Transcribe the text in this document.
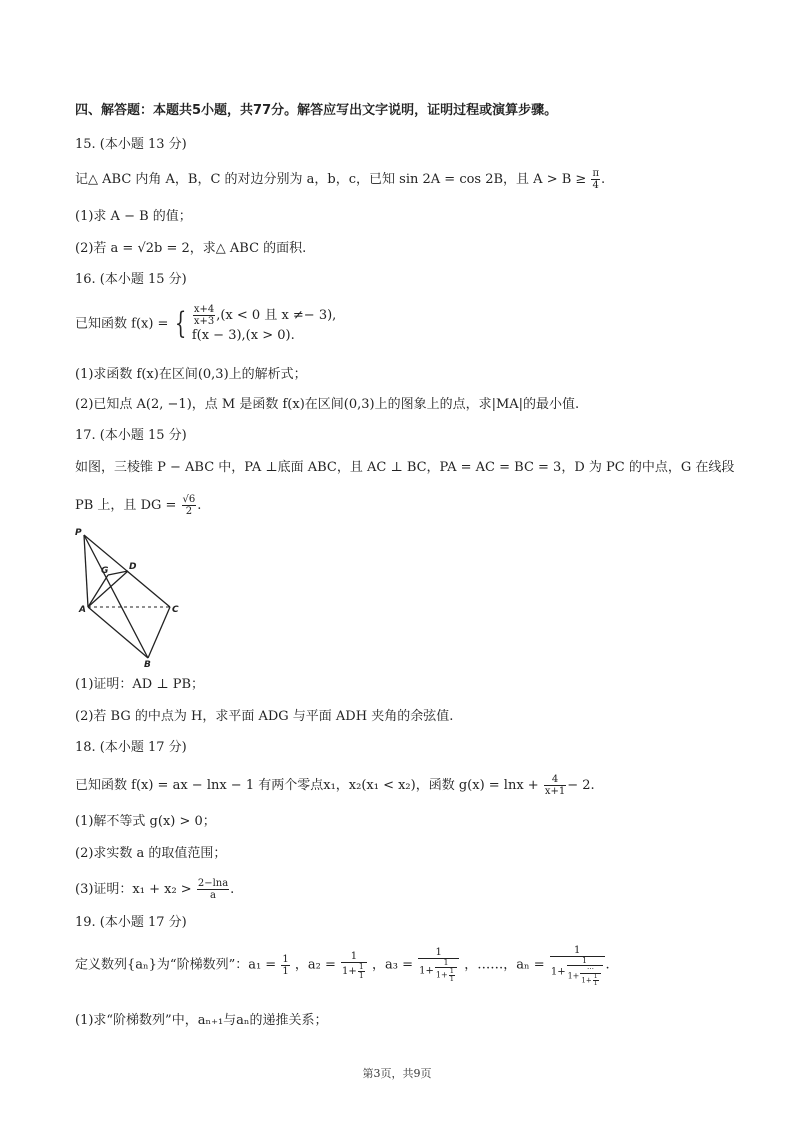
四、解答题：本题共5小题，共77分。解答应写出文字说明，证明过程或演算步骤。
15. (本小题 13 分)
记△ ABC 内角 A，B，C 的对边分别为 a，b，c，已知 sin 2A = cos 2B，且 $A > B \ge \frac{\pi}{4}$ .
(1)求 A − B 的值；
(2)若 a = √2b = 2，求△ ABC 的面积.
16. (本小题 15 分)
已知函数 f(x) = { $\frac{x+4}{x+3} ,(x < 0$ 且 x ≠− 3),
f(x − 3),(x > 0).
(1)求函数 f(x)在区间(0,3)上的解析式；
(2)已知点 A(2, −1)，点 M 是函数 f(x)在区间(0,3)上的图象上的点，求|MA|的最小值.
17. (本小题 15 分)
如图，三棱锥 P − ABC 中，PA ⊥底面 ABC，且 AC ⊥ BC，PA = AC = BC = 3，D 为 PC 的中点，G 在线段
PB 上，且 DG = $\frac{√6}{2}$ .
P
G D
A	C
B
(1)证明：AD ⊥ PB；
(2)若 BG 的中点为 H，求平面 ADG 与平面 ADH 夹角的余弦值.
18. (本小题 17 分)
已知函数 f(x) = ax − lnx − 1 有两个零点x₁，x₂(x₁ < x₂)，函数 $g(x) = \ln x + \frac{4}{x+1} - 2$.
(1)解不等式 g(x) > 0；
(2)求实数 a 的取值范围；
(3)证明：$x_1 + x_2 > \frac{2-\ln a}{a}$ .
19. (本小题 17 分)
定义数列{aₙ}为“阶梯数列”：$a_1 = \frac{1}{1}$ ，$a_2 = \frac{1}{1+ \frac{1}{1}}$ ，$a_3 = \frac{1}{1+ \frac{1}{1+ \frac{1}{1}}}$ ，……，$a_n = \frac{1}{1+ \frac{1}{1+ \frac{\cdots}{1+ \frac{1}{1}}}}$ .
(1)求“阶梯数列”中，aₙ₊₁与aₙ的递推关系；
第3页，共9页
